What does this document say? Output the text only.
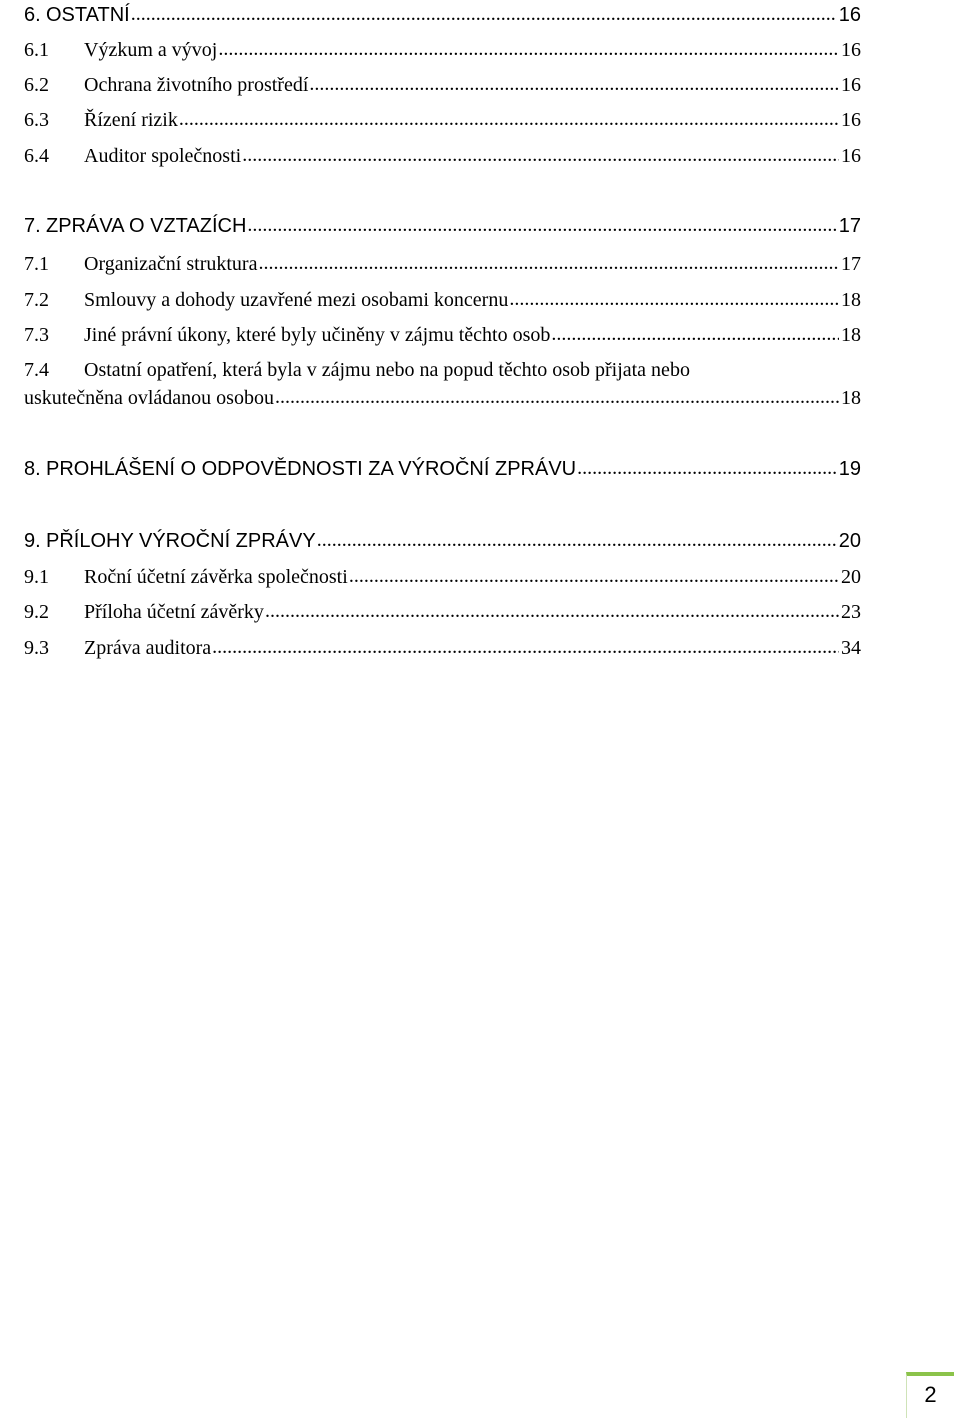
6. OSTATNÍ .....	16
6.1	Výzkum a vývoj .....	16
6.2	Ochrana životního prostředí .....	16
6.3	Řízení rizik .....	16
6.4	Auditor společnosti .....	16
7. ZPRÁVA O VZTAZÍCH .....	17
7.1	Organizační struktura .....	17
7.2	Smlouvy a dohody uzavřené mezi osobami koncernu .....	18
7.3	Jiné právní úkony, které byly učiněny v zájmu těchto osob .....	18
7.4	Ostatní opatření, která byla v zájmu nebo na popud těchto osob přijata nebo
uskutečněna ovládanou osobou .....	18
8. PROHLÁŠENÍ O ODPOVĚDNOSTI ZA VÝROČNÍ ZPRÁVU .....	19
9. PŘÍLOHY VÝROČNÍ ZPRÁVY .....	20
9.1	Roční účetní závěrka společnosti .....	20
9.2	Příloha účetní závěrky .....	23
9.3	Zpráva auditora .....	34
2
